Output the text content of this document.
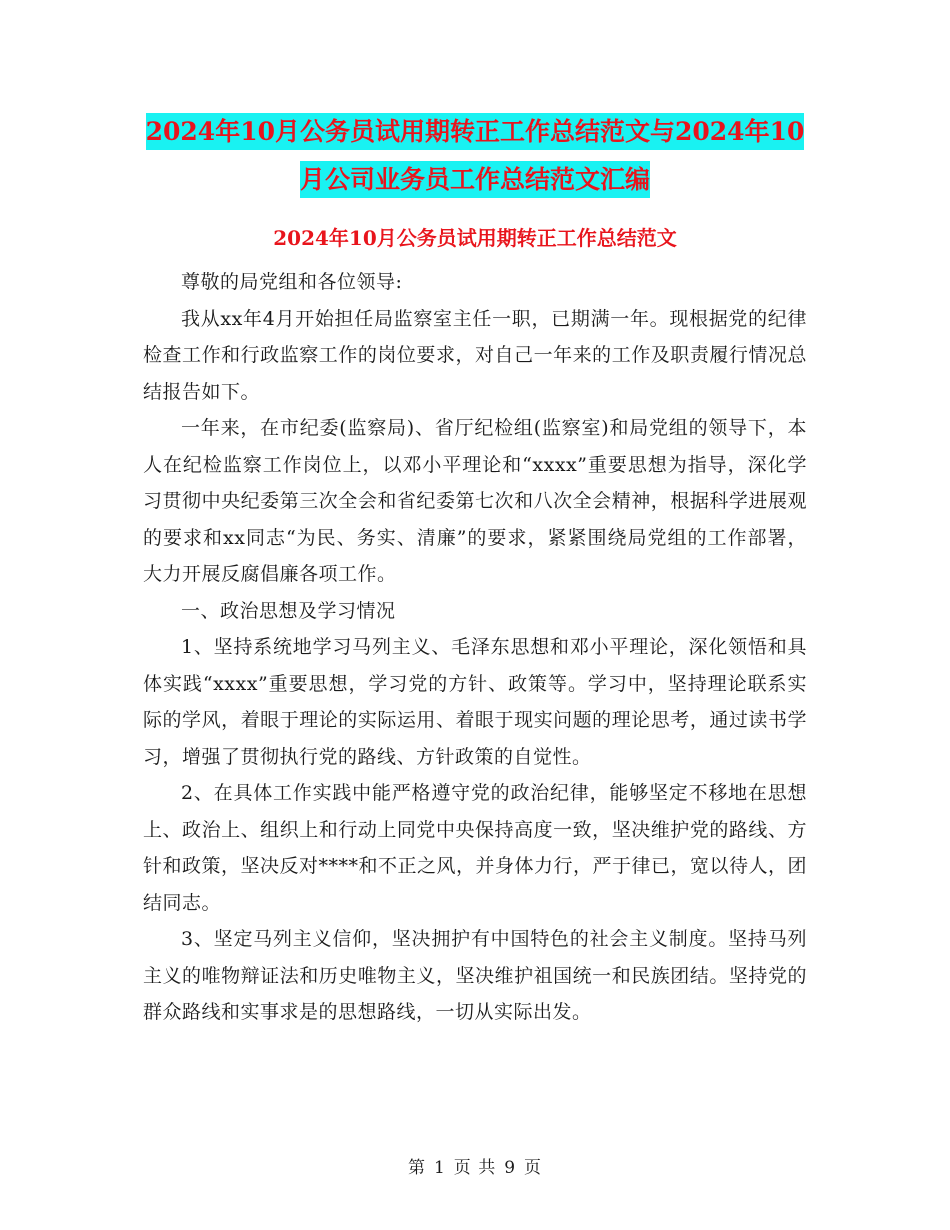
2024年10月公务员试用期转正工作总结范文与2024年10月公司业务员工作总结范文汇编
2024年10月公务员试用期转正工作总结范文

尊敬的局党组和各位领导:

我从xx年4月开始担任局监察室主任一职，已期满一年。现根据党的纪律检查工作和行政监察工作的岗位要求，对自己一年来的工作及职责履行情况总结报告如下。

一年来，在市纪委(监察局)、省厅纪检组(监察室)和局党组的领导下，本人在纪检监察工作岗位上，以邓小平理论和“xxxx”重要思想为指导，深化学习贯彻中央纪委第三次全会和省纪委第七次和八次全会精神，根据科学进展观的要求和xx同志“为民、务实、清廉”的要求，紧紧围绕局党组的工作部署，大力开展反腐倡廉各项工作。

一、政治思想及学习情况

1、坚持系统地学习马列主义、毛泽东思想和邓小平理论，深化领悟和具体实践“xxxx”重要思想，学习党的方针、政策等。学习中，坚持理论联系实际的学风，着眼于理论的实际运用、着眼于现实问题的理论思考，通过读书学习，增强了贯彻执行党的路线、方针政策的自觉性。

2、在具体工作实践中能严格遵守党的政治纪律，能够坚定不移地在思想上、政治上、组织上和行动上同党中央保持高度一致，坚决维护党的路线、方针和政策，坚决反对****和不正之风，并身体力行，严于律已，宽以待人，团结同志。

3、坚定马列主义信仰，坚决拥护有中国特色的社会主义制度。坚持马列主义的唯物辩证法和历史唯物主义，坚决维护祖国统一和民族团结。坚持党的群众路线和实事求是的思想路线，一切从实际出发。

第 1 页 共 9 页
